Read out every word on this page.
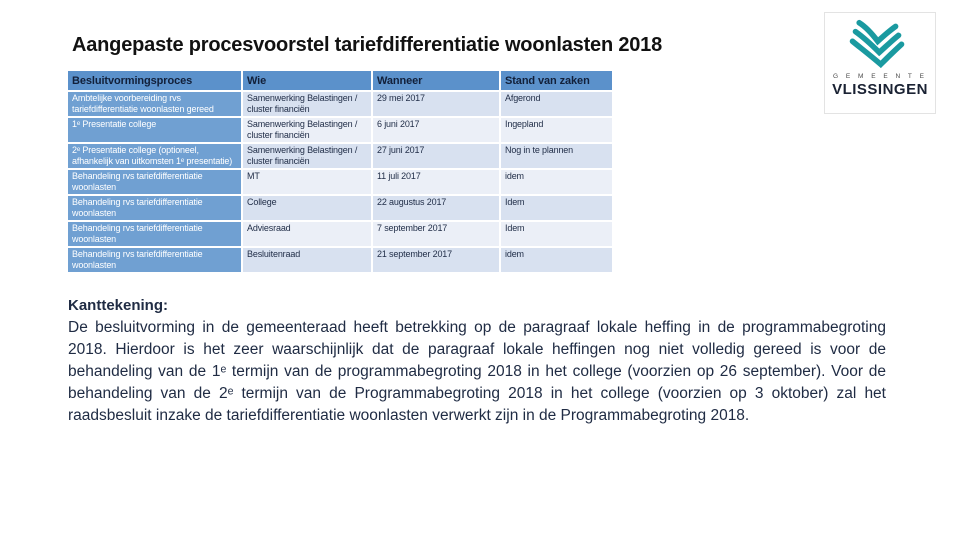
Aangepaste procesvoorstel tariefdifferentiatie woonlasten 2018
G E M E E N T E
VLISSINGEN
Besluitvormingsproces	Wie	Wanneer	Stand van zaken
Ambtelijke voorbereiding rvs tariefdifferentiatie woonlasten gereed	Samenwerking Belastingen / cluster financiën	29 mei 2017	Afgerond
1ᵉ Presentatie college	Samenwerking Belastingen / cluster financiën	6 juni 2017	Ingepland
2ᵉ Presentatie college (optioneel, afhankelijk van uitkomsten 1ᵉ presentatie)	Samenwerking Belastingen / cluster financiën	27 juni 2017	Nog in te plannen
Behandeling rvs tariefdifferentiatie woonlasten	MT	11 juli 2017	idem
Behandeling rvs tariefdifferentiatie woonlasten	College	22 augustus 2017	Idem
Behandeling rvs tariefdifferentiatie woonlasten	Adviesraad	7 september 2017	Idem
Behandeling rvs tariefdifferentiatie woonlasten	Besluitenraad	21 september 2017	idem

Kanttekening:

De besluitvorming in de gemeenteraad heeft betrekking op de paragraaf lokale heffing in de programmabegroting 2018. Hierdoor is het zeer waarschijnlijk dat de paragraaf lokale heffingen nog niet volledig gereed is voor de behandeling van de 1ᵉ termijn van de programmabegroting 2018 in het college (voorzien op 26 september). Voor de behandeling van de 2ᵉ termijn van de Programmabegroting 2018 in het college (voorzien op 3 oktober) zal het raadsbesluit inzake de tariefdifferentiatie woonlasten verwerkt zijn in de Programmabegroting 2018.
